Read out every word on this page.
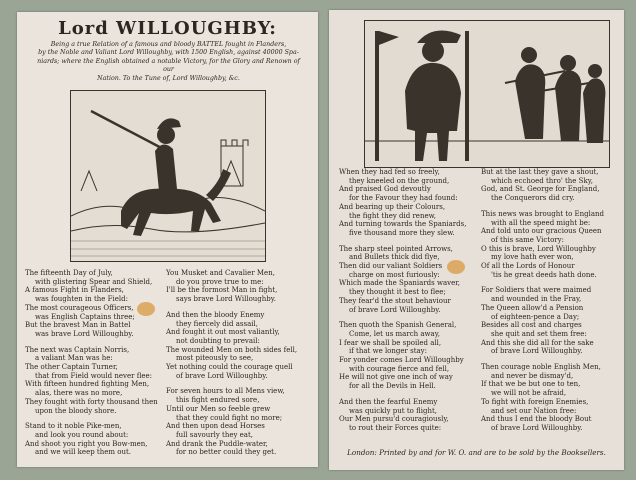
Lord WILLOUGHBY:
Being a true Relation of a famous and bloody BATTEL fought in Flanders,
by the Noble and Valiant Lord Willoughby, with 1500 English, against 40000 Spa-
niards; where the English obtained a notable Victory, for the Glory and Renown of our
Nation. To the Tune of, Lord Willoughby, &c.

The fifteenth Day of July,

with glistering Spear and Shield,

A famous Fight in Flanders,

was foughten in the Field:

The most courageous Officers,

was English Captains three;

But the bravest Man in Battel

was brave Lord Willoughby.

The next was Captain Norris,

a valiant Man was he:

The other Captain Turner,

that from Field would never flee:

With fifteen hundred fighting Men,

alas, there was no more,

They fought with forty thousand then

upon the bloody shore.

Stand to it noble Pike-men,

and look you round about:

And shoot you right you Bow-men,

and we will keep them out.

You Musket and Cavalier Men,

do you prove true to me:

I'll be the formost Man in fight,

says brave Lord Willoughby.

And then the bloody Enemy

they fiercely did assail,

And fought it out most valiantly,

not doubting to prevail:

The wounded Men on both sides fell,

most piteously to see,

Yet nothing could the courage quell

of brave Lord Willoughby.

For seven hours to all Mens view,

this fight endured sore,

Until our Men so feeble grew

that they could fight no more;

And then upon dead Horses

full savourly they eat,

And drank the Puddle-water,

for no better could they get.

When they had fed so freely,

they kneeled on the ground,

And praised God devoutly

for the Favour they had found:

And bearing up their Colours,

the fight they did renew,

And turning towards the Spaniards,

five thousand more they slew.

The sharp steel pointed Arrows,

and Bullets thick did flye,

Then did our valiant Soldiers

charge on most furiously:

Which made the Spaniards waver,

they thought it best to flee;

They fear'd the stout behaviour

of brave Lord Willoughby.

Then quoth the Spanish General,

Come, let us march away,

I fear we shall be spoiled all,

if that we longer stay:

For yonder comes Lord Willoughby

with courage fierce and fell,

He will not give one inch of way

for all the Devils in Hell.

And then the fearful Enemy

was quickly put to flight,

Our Men pursu'd couragiously,

to rout their Forces quite:

But at the last they gave a shout,

which ecchoed thro' the Sky,

God, and St. George for England,

the Conquerors did cry.

This news was brought to England

with all the speed might be:

And told unto our gracious Queen

of this same Victory:

O this is brave, Lord Willoughby

my love hath ever won,

Of all the Lords of Honour

'tis he great deeds hath done.

For Soldiers that were maimed

and wounded in the Fray,

The Queen allow'd a Pension

of eighteen-pence a Day;

Besides all cost and charges

she quit and set them free:

And this she did all for the sake

of brave Lord Willoughby.

Then courage noble English Men,

and never be dismay'd,

If that we be but one to ten,

we will not be afraid,

To fight with foreign Enemies,

and set our Nation free:

And thus I end the bloody Bout

of brave Lord Willoughby.

London: Printed by and for W. O. and are to be sold by the Booksellers.
